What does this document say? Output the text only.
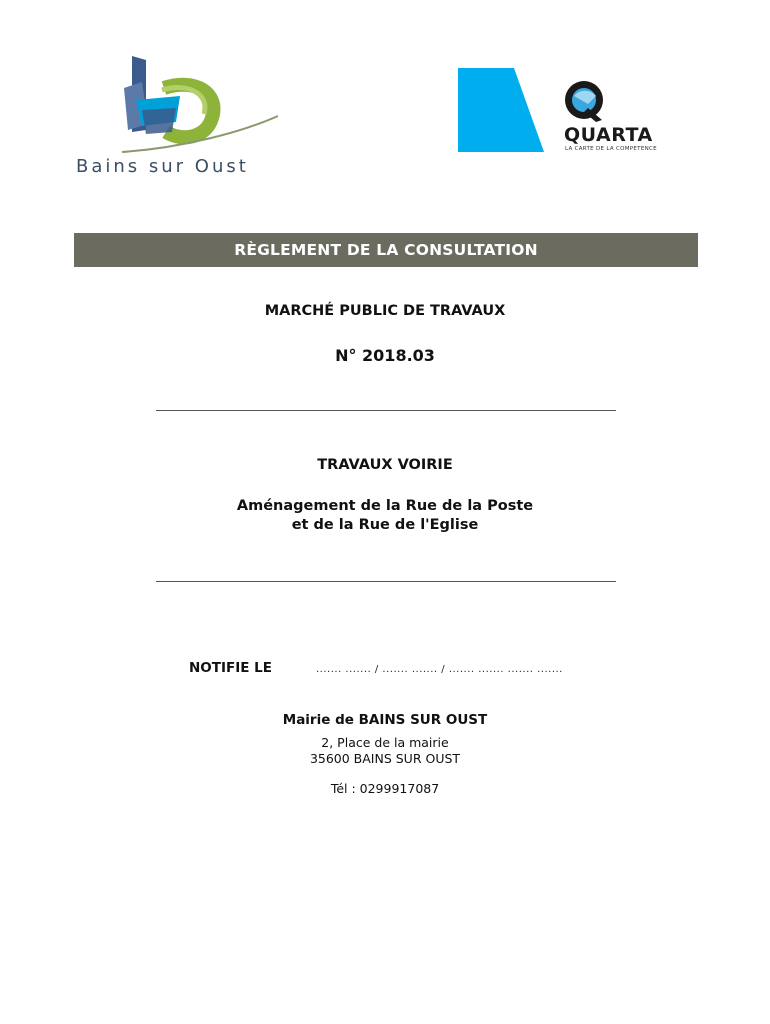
Bains sur Oust
QUARTA
LA CARTE DE LA COMPETENCE
RÈGLEMENT DE LA CONSULTATION
MARCHÉ PUBLIC DE TRAVAUX
N° 2018.03
TRAVAUX VOIRIE
Aménagement de la Rue de la Poste
et de la Rue de l'Eglise
NOTIFIE LE	....... ....... / ....... ....... / ....... ....... ....... .......
Mairie de BAINS SUR OUST
2, Place de la mairie
35600 BAINS SUR OUST
Tél : 0299917087
